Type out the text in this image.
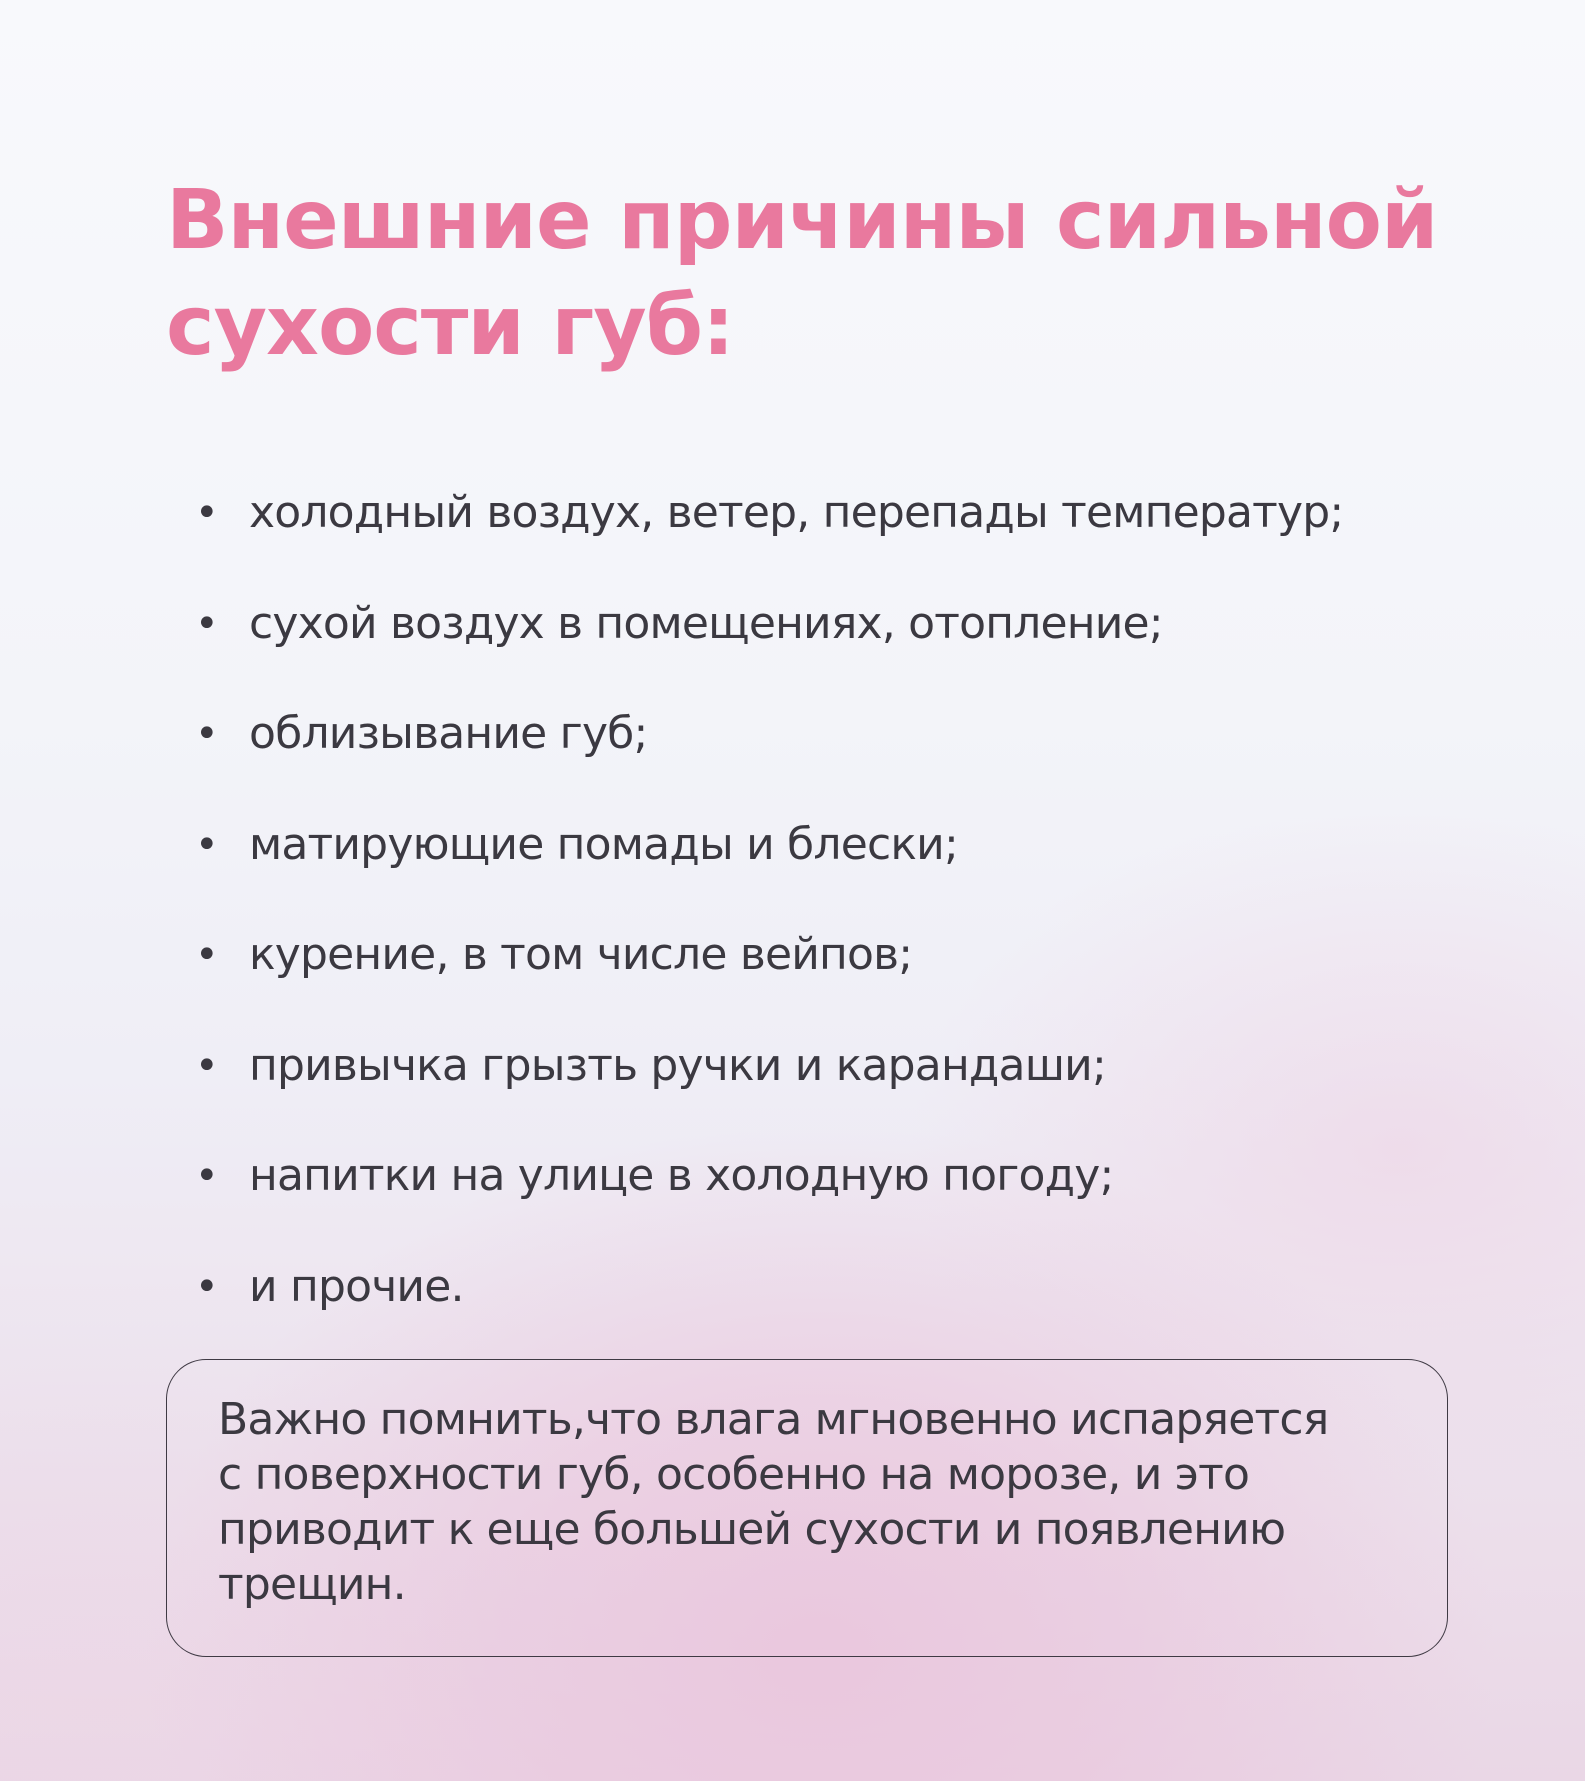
Внешние причины сильной
сухости губ:
• холодный воздух, ветер, перепады температур;
• сухой воздух в помещениях, отопление;
• облизывание губ;
• матирующие помады и блески;
• курение, в том числе вейпов;
• привычка грызть ручки и карандаши;
• напитки на улице в холодную погоду;
• и прочие.

Важно помнить,что влага мгновенно испаряется
с поверхности губ, особенно на морозе, и это
приводит к еще большей сухости и появлению
трещин.
